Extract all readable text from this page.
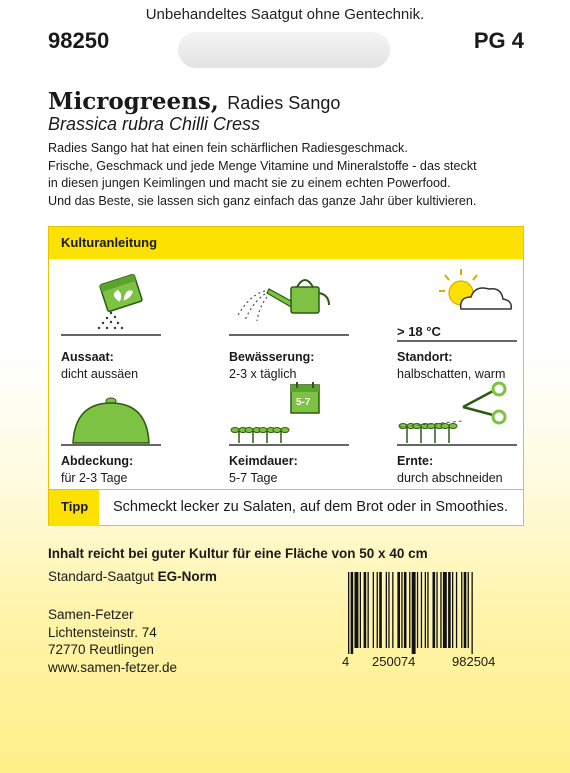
Unbehandeltes Saatgut ohne Gentechnik.
98250	PG 4
Microgreens, Radies Sango
Brassica rubra Chilli Cress

Radies Sango hat hat einen fein schärflichen Radiesgeschmack.

Frische, Geschmack und jede Menge Vitamine und Mineralstoffe - das steckt

in diesen jungen Keimlingen und macht sie zu einem echten Powerfood.

Und das Beste, sie lassen sich ganz einfach das ganze Jahr über kultivieren.

Kulturanleitung
Aussaat:
dicht aussäen
Bewässerung:
2-3 x täglich
> 18 °C
Standort:
halbschatten, warm
Abdeckung:
für 2-3 Tage
5-7
Keimdauer:
5-7 Tage
Ernte:
durch abschneiden
Tipp Schmeckt lecker zu Salaten, auf dem Brot oder in Smoothies.
Inhalt reicht bei guter Kultur für eine Fläche von 50 x 40 cm
Standard-Saatgut EG-Norm
Samen-Fetzer
Lichtensteinstr. 74
72770 Reutlingen
www.samen-fetzer.de	4 250074	982504
